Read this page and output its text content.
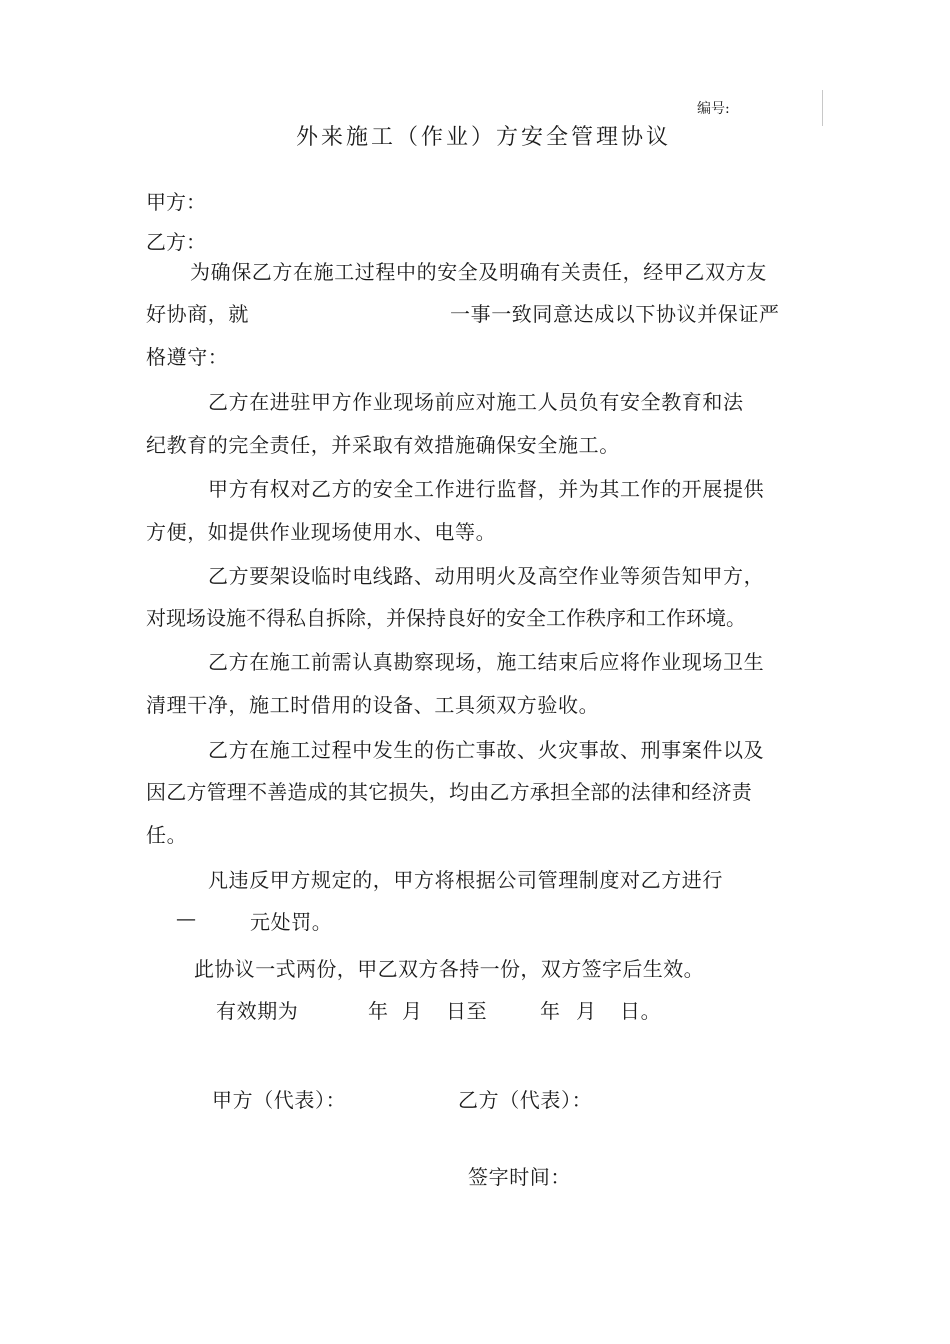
编号:
外来施工（作业）方安全管理协议
甲方：
乙方：
为确保乙方在施工过程中的安全及明确有关责任，经甲乙双方友
好协商，就	一事一致同意达成以下协议并保证严
格遵守：
乙方在进驻甲方作业现场前应对施工人员负有安全教育和法
纪教育的完全责任，并采取有效措施确保安全施工。
甲方有权对乙方的安全工作进行监督，并为其工作的开展提供
方便，如提供作业现场使用水、电等。
乙方要架设临时电线路、动用明火及高空作业等须告知甲方，
对现场设施不得私自拆除，并保持良好的安全工作秩序和工作环境。
乙方在施工前需认真勘察现场，施工结束后应将作业现场卫生
清理干净，施工时借用的设备、工具须双方验收。
乙方在施工过程中发生的伤亡事故、火灾事故、刑事案件以及
因乙方管理不善造成的其它损失，均由乙方承担全部的法律和经济责
任。
凡违反甲方规定的，甲方将根据公司管理制度对乙方进行
—	元处罚。
此协议一式两份，甲乙双方各持一份，双方签字后生效。
有效期为	年 月 日至	年 月 日。
甲方（代表）：	乙方（代表）：
签字时间：
